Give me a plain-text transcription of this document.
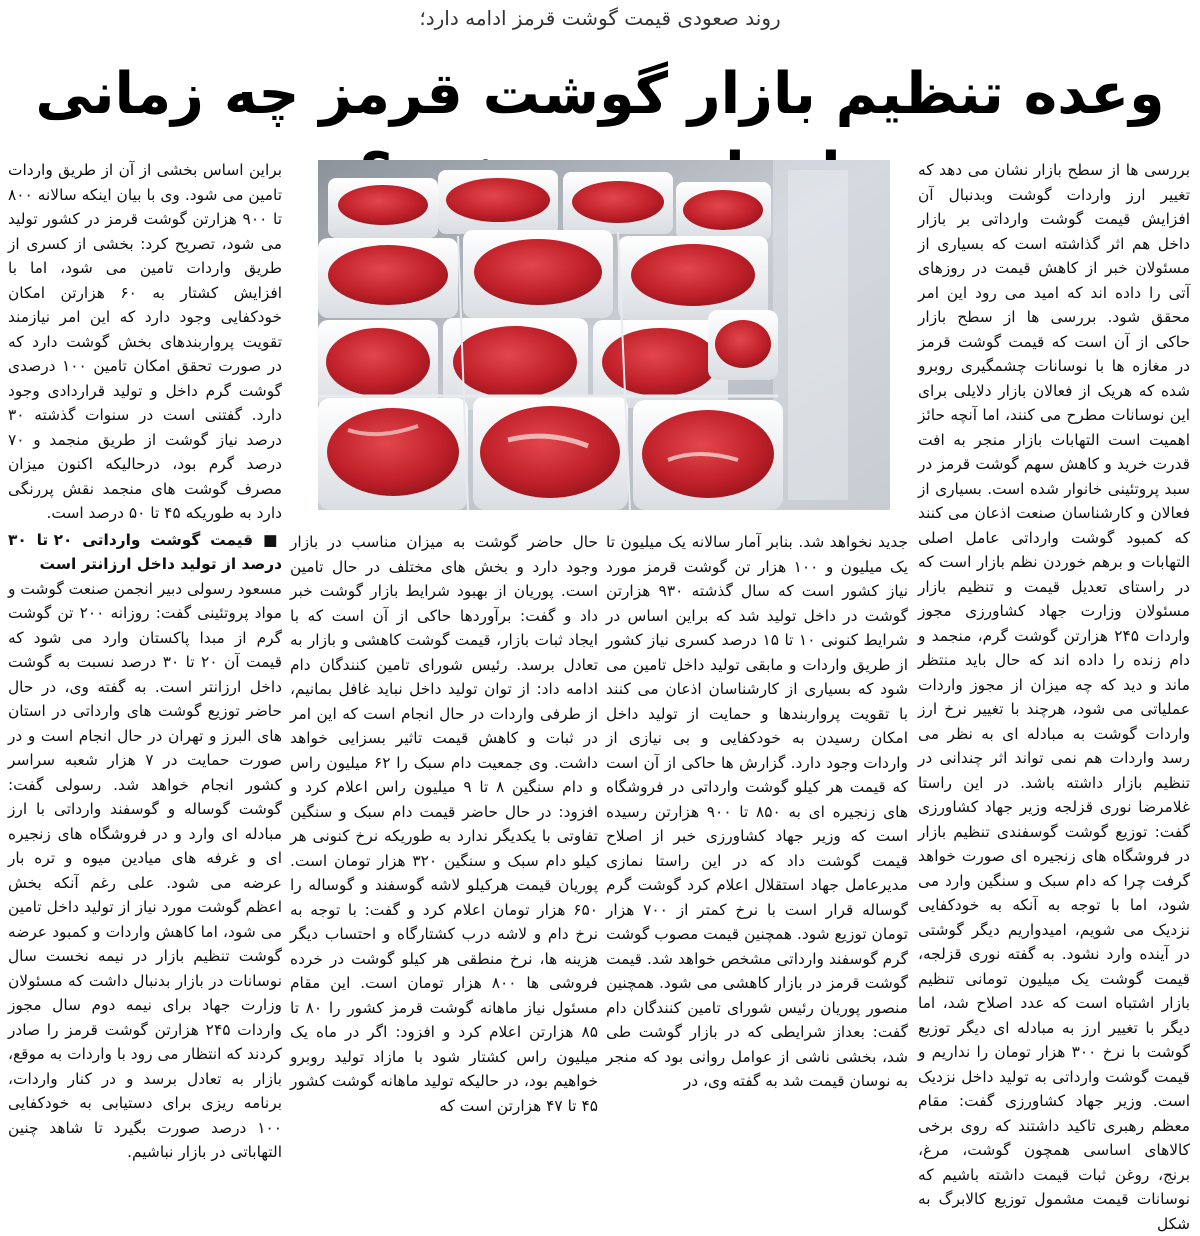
روند صعودی قیمت گوشت قرمز ادامه دارد؛
وعده تنظیم بازار گوشت قرمز چه زمانی

بررسی ها از سطح بازار نشان می دهد که تغییر ارز واردات گوشت وبدنبال آن افزایش قیمت گوشت وارداتی بر بازار داخل هم اثر گذاشته است که بسیاری از مسئولان خبر از کاهش قیمت در روزهای آتی را داده اند که امید می رود این امر محقق شود. بررسی ها از سطح بازار حاکی از آن است که قیمت گوشت قرمز در مغازه ها با نوسانات چشمگیری روبرو شده که هریک از فعالان بازار دلایلی برای این نوسانات مطرح می کنند، اما آنچه حائز اهمیت است التهابات بازار منجر به افت قدرت خرید و کاهش سهم گوشت قرمز در سبد پروتئینی خانوار شده است. بسیاری از فعالان و کارشناسان صنعت اذعان می کنند که کمبود گوشت وارداتی عامل اصلی التهابات و برهم خوردن نظم بازار است که در راستای تعدیل قیمت و تنظیم بازار مسئولان وزارت جهاد کشاورزی مجوز واردات ۲۴۵ هزارتن گوشت گرم، منجمد و دام زنده را داده اند که حال باید منتظر ماند و دید که چه میزان از مجوز واردات عملیاتی می شود، هرچند با تغییر نرخ ارز واردات گوشت به مبادله ای به نظر می رسد واردات هم نمی تواند اثر چندانی در تنظیم بازار داشته باشد. در این راستا غلامرضا نوری قزلجه وزیر جهاد کشاورزی گفت: توزیع گوشت گوسفندی تنظیم بازار در فروشگاه های زنجیره ای صورت خواهد گرفت چرا که دام سبک و سنگین وارد می شود، اما با توجه به آنکه به خودکفایی نزدیک می شویم، امیدواریم دیگر گوشتی در آینده وارد نشود. به گفته نوری قزلجه، قیمت گوشت یک میلیون تومانی تنظیم بازار اشتباه است که عدد اصلاح شد، اما دیگر با تغییر ارز به مبادله ای دیگر توزیع گوشت با نرخ ۳۰۰ هزار تومان را نداریم و قیمت گوشت وارداتی به تولید داخل نزدیک است. وزیر جهاد کشاورزی گفت: مقام معظم رهبری تاکید داشتند که روی برخی کالاهای اساسی همچون گوشت، مرغ، برنج، روغن ثبات قیمت داشته باشیم که نوسانات قیمت مشمول توزیع کالابرگ به شکل

جدید نخواهد شد. بنابر آمار سالانه یک میلیون تا یک میلیون و ۱۰۰ هزار تن گوشت قرمز مورد نیاز کشور است که سال گذشته ۹۳۰ هزارتن گوشت در داخل تولید شد که براین اساس در شرایط کنونی ۱۰ تا ۱۵ درصد کسری نیاز کشور از طریق واردات و مابقی تولید داخل تامین می شود که بسیاری از کارشناسان اذعان می کنند با تقویت پرواربندها و حمایت از تولید داخل امکان رسیدن به خودکفایی و بی نیازی از واردات وجود دارد. گزارش ها حاکی از آن است که قیمت هر کیلو گوشت وارداتی در فروشگاه های زنجیره ای به ۸۵۰ تا ۹۰۰ هزارتن رسیده است که وزیر جهاد کشاورزی خبر از اصلاح قیمت گوشت داد که در این راستا نمازی مدیرعامل جهاد استقلال اعلام کرد گوشت گرم گوساله قرار است با نرخ کمتر از ۷۰۰ هزار تومان توزیع شود. همچنین قیمت مصوب گوشت گرم گوسفند وارداتی مشخص خواهد شد. قیمت گوشت قرمز در بازار کاهشی می شود. همچنین منصور پوریان رئیس شورای تامین کنندگان دام گفت: بعداز شرایطی که در بازار گوشت طی شد، بخشی ناشی از عوامل روانی بود که منجر به نوسان قیمت شد به گفته وی، در

حال حاضر گوشت به میزان مناسب در بازار وجود دارد و بخش های مختلف در حال تامین است. پوریان از بهبود شرایط بازار گوشت خبر داد و گفت: برآوردها حاکی از آن است که با ایجاد ثبات بازار، قیمت گوشت کاهشی و بازار به تعادل برسد. رئیس شورای تامین کنندگان دام ادامه داد: از توان تولید داخل نباید غافل بمانیم، از طرفی واردات در حال انجام است که این امر در ثبات و کاهش قیمت تاثیر بسزایی خواهد داشت. وی جمعیت دام سبک را ۶۲ میلیون راس و دام سنگین ۸ تا ۹ میلیون راس اعلام کرد و افزود: در حال حاضر قیمت دام سبک و سنگین تفاوتی با یکدیگر ندارد به طوریکه نرخ کنونی هر کیلو دام سبک و سنگین ۳۲۰ هزار تومان است. پوریان قیمت هرکیلو لاشه گوسفند و گوساله را ۶۵۰ هزار تومان اعلام کرد و گفت: با توجه به نرخ دام و لاشه درب کشتارگاه و احتساب دیگر هزینه ها، نرخ منطقی هر کیلو گوشت در خرده فروشی ها ۸۰۰ هزار تومان است. این مقام مسئول نیاز ماهانه گوشت قرمز کشور را ۸۰ تا ۸۵ هزارتن اعلام کرد و افزود: اگر در ماه یک میلیون راس کشتار شود با مازاد تولید روبرو خواهیم بود، در حالیکه تولید ماهانه گوشت کشور ۴۵ تا ۴۷ هزارتن است که

براین اساس بخشی از آن از طریق واردات تامین می شود. وی با بیان اینکه سالانه ۸۰۰ تا ۹۰۰ هزارتن گوشت قرمز در کشور تولید می شود، تصریح کرد: بخشی از کسری از طریق واردات تامین می شود، اما با افزایش کشتار به ۶۰ هزارتن امکان خودکفایی وجود دارد که این امر نیازمند تقویت پرواربندهای بخش گوشت دارد که در صورت تحقق امکان تامین ۱۰۰ درصدی گوشت گرم داخل و تولید قراردادی وجود دارد. گفتنی است در سنوات گذشته ۳۰ درصد نیاز گوشت از طریق منجمد و ۷۰ درصد گرم بود، درحالیکه اکنون میزان مصرف گوشت های منجمد نقش پررنگی دارد به طوریکه ۴۵ تا ۵۰ درصد است.

■ قیمت گوشت وارداتی ۲۰ تا ۳۰ درصد از تولید داخل ارزانتر است

مسعود رسولی دبیر انجمن صنعت گوشت و مواد پروتئینی گفت: روزانه ۲۰۰ تن گوشت گرم از مبدا پاکستان وارد می شود که قیمت آن ۲۰ تا ۳۰ درصد نسبت به گوشت داخل ارزانتر است. به گفته وی، در حال حاضر توزیع گوشت های وارداتی در استان های البرز و تهران در حال انجام است و در صورت حمایت در ۷ هزار شعبه سراسر کشور انجام خواهد شد. رسولی گفت: گوشت گوساله و گوسفند وارداتی با ارز مبادله ای وارد و در فروشگاه های زنجیره ای و غرفه های میادین میوه و تره بار عرضه می شود. علی رغم آنکه بخش اعظم گوشت مورد نیاز از تولید داخل تامین می شود، اما کاهش واردات و کمبود عرضه گوشت تنظیم بازار در نیمه نخست سال نوسانات در بازار بدنبال داشت که مسئولان وزارت جهاد برای نیمه دوم سال مجوز واردات ۲۴۵ هزارتن گوشت قرمز را صادر کردند که انتظار می رود با واردات به موقع، بازار به تعادل برسد و در کنار واردات، برنامه ریزی برای دستیابی به خودکفایی ۱۰۰ درصد صورت بگیرد تا شاهد چنین التهاباتی در بازار نباشیم.
